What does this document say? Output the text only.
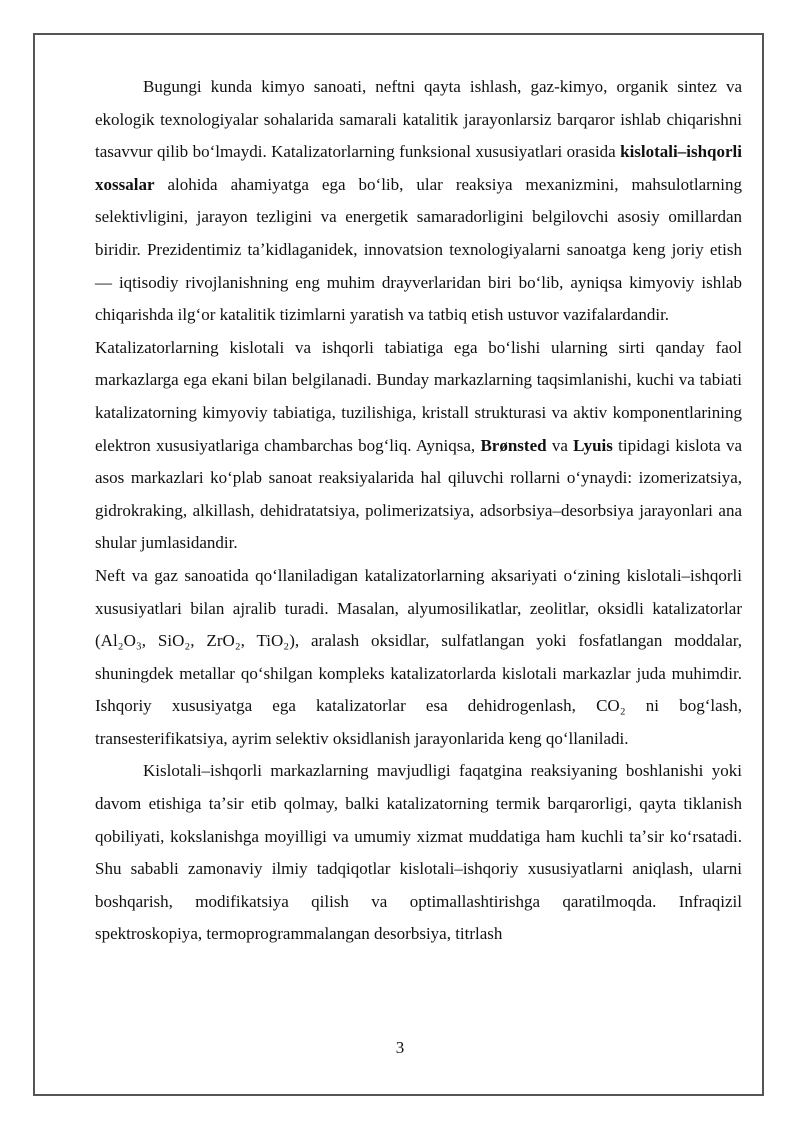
Bugungi kunda kimyo sanoati, neftni qayta ishlash, gaz-kimyo, organik sintez va ekologik texnologiyalar sohalarida samarali katalitik jarayonlarsiz barqaror ishlab chiqarishni tasavvur qilib boʻlmaydi. Katalizatorlarning funksional xususiyatlari orasida kislotali–ishqorli xossalar alohida ahamiyatga ega boʻlib, ular reaksiya mexanizmini, mahsulotlarning selektivligini, jarayon tezligini va energetik samaradorligini belgilovchi asosiy omillardan biridir. Prezidentimiz taʼkidlaganidek, innovatsion texnologiyalarni sanoatga keng joriy etish — iqtisodiy rivojlanishning eng muhim drayverlaridan biri boʻlib, ayniqsa kimyoviy ishlab chiqarishda ilgʻor katalitik tizimlarni yaratish va tatbiq etish ustuvor vazifalardandir.

Katalizatorlarning kislotali va ishqorli tabiatiga ega boʻlishi ularning sirti qanday faol markazlarga ega ekani bilan belgilanadi. Bunday markazlarning taqsimlanishi, kuchi va tabiati katalizatorning kimyoviy tabiatiga, tuzilishiga, kristall strukturasi va aktiv komponentlarining elektron xususiyatlariga chambarchas bogʻliq. Ayniqsa, Brønsted va Lyuis tipidagi kislota va asos markazlari koʻplab sanoat reaksiyalarida hal qiluvchi rollarni oʻynaydi: izomerizatsiya, gidrokraking, alkillash, dehidratatsiya, polimerizatsiya, adsorbsiya–desorbsiya jarayonlari ana shular jumlasidandir.

Neft va gaz sanoatida qoʻllaniladigan katalizatorlarning aksariyati oʻzining kislotali–ishqorli xususiyatlari bilan ajralib turadi. Masalan, alyumosilikatlar, zeolitlar, oksidli katalizatorlar (Al₂O₃, SiO₂, ZrO₂, TiO₂), aralash oksidlar, sulfatlangan yoki fosfatlangan moddalar, shuningdek metallar qoʻshilgan kompleks katalizatorlarda kislotali markazlar juda muhimdir. Ishqoriy xususiyatga ega katalizatorlar esa dehidrogenlash, CO₂ ni bogʻlash, transesterifikatsiya, ayrim selektiv oksidlanish jarayonlarida keng qoʻllaniladi.

Kislotali–ishqorli markazlarning mavjudligi faqatgina reaksiyaning boshlanishi yoki davom etishiga taʼsir etib qolmay, balki katalizatorning termik barqarorligi, qayta tiklanish qobiliyati, kokslanishga moyilligi va umumiy xizmat muddatiga ham kuchli taʼsir koʻrsatadi. Shu sababli zamonaviy ilmiy tadqiqotlar kislotali–ishqoriy xususiyatlarni aniqlash, ularni boshqarish, modifikatsiya qilish va optimallashtirishga qaratilmoqda. Infraqizil spektroskopiya, termoprogrammalangan desorbsiya, titrlash

3
